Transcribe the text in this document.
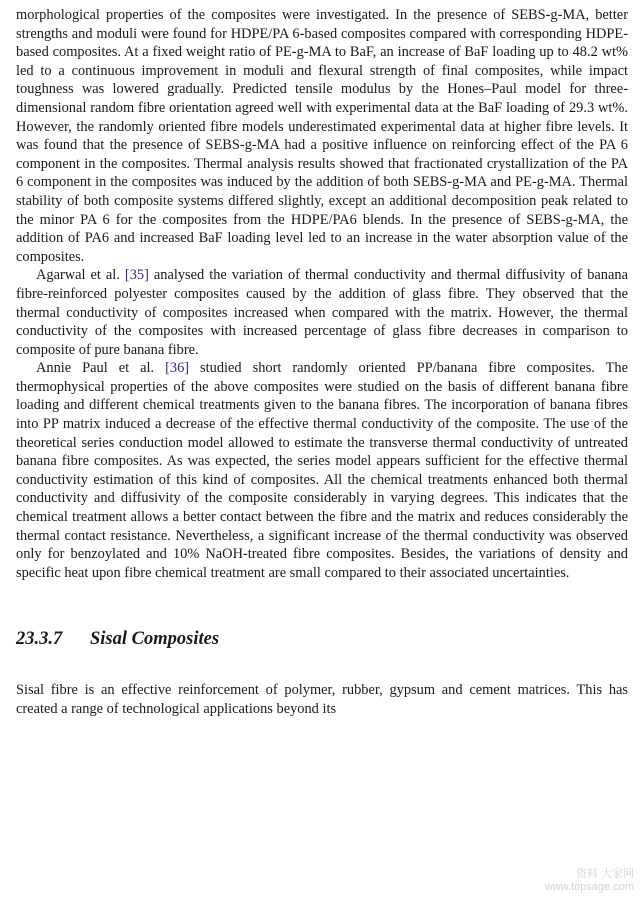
morphological properties of the composites were investigated. In the presence of SEBS-g-MA, better strengths and moduli were found for HDPE/PA 6-based composites compared with corresponding HDPE-based composites. At a fixed weight ratio of PE-g-MA to BaF, an increase of BaF loading up to 48.2 wt% led to a continuous improvement in moduli and flexural strength of final composites, while impact toughness was lowered gradually. Predicted tensile modulus by the Hones–Paul model for three-dimensional random fibre orientation agreed well with experimental data at the BaF loading of 29.3 wt%. However, the randomly oriented fibre models underestimated experimental data at higher fibre levels. It was found that the presence of SEBS-g-MA had a positive influence on reinforcing effect of the PA 6 component in the composites. Thermal analysis results showed that fractionated crystallization of the PA 6 component in the composites was induced by the addition of both SEBS-g-MA and PE-g-MA. Thermal stability of both composite systems differed slightly, except an additional decomposition peak related to the minor PA 6 for the composites from the HDPE/PA6 blends. In the presence of SEBS-g-MA, the addition of PA6 and increased BaF loading level led to an increase in the water absorption value of the composites.

Agarwal et al. [35] analysed the variation of thermal conductivity and thermal diffusivity of banana fibre-reinforced polyester composites caused by the addition of glass fibre. They observed that the thermal conductivity of composites increased when compared with the matrix. However, the thermal conductivity of the composites with increased percentage of glass fibre decreases in comparison to composite of pure banana fibre.

Annie Paul et al. [36] studied short randomly oriented PP/banana fibre composites. The thermophysical properties of the above composites were studied on the basis of different banana fibre loading and different chemical treatments given to the banana fibres. The incorporation of banana fibres into PP matrix induced a decrease of the effective thermal conductivity of the composite. The use of the theoretical series conduction model allowed to estimate the transverse thermal conductivity of untreated banana fibre composites. As was expected, the series model appears sufficient for the effective thermal conductivity estimation of this kind of composites. All the chemical treatments enhanced both thermal conductivity and diffusivity of the composite considerably in varying degrees. This indicates that the chemical treatment allows a better contact between the fibre and the matrix and reduces considerably the thermal contact resistance. Nevertheless, a significant increase of the thermal conductivity was observed only for benzoylated and 10% NaOH-treated fibre composites. Besides, the variations of density and specific heat upon fibre chemical treatment are small compared to their associated uncertainties.

23.3.7	Sisal Composites

Sisal fibre is an effective reinforcement of polymer, rubber, gypsum and cement matrices. This has created a range of technological applications beyond its

资料 大家网
www.topsage.com
